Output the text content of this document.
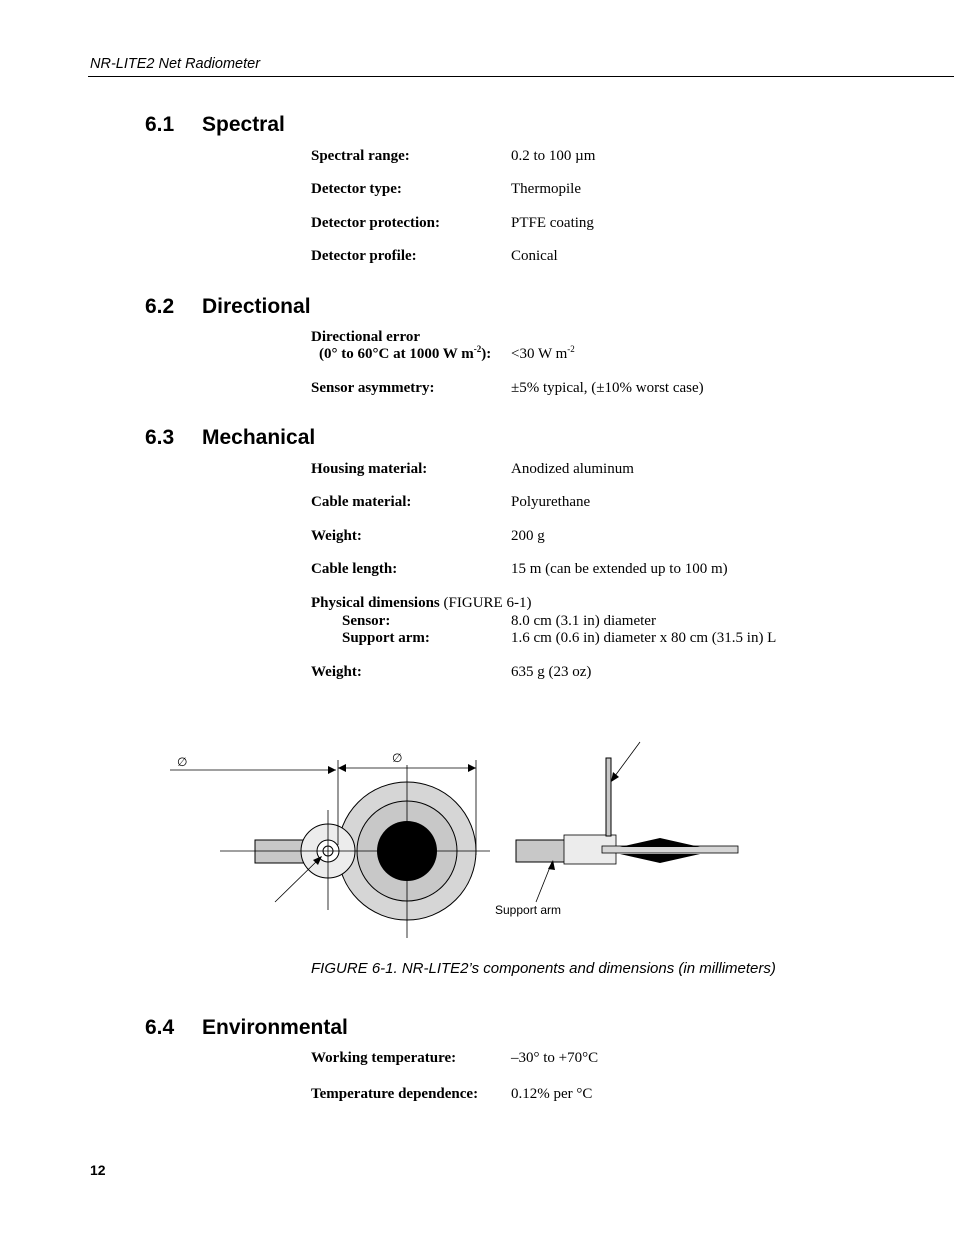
NR-LITE2 Net Radiometer
6.1 Spectral
Spectral range:	0.2 to 100 µm
Detector type:	Thermopile
Detector protection:	PTFE coating
Detector profile:	Conical
6.2 Directional
Directional error
(0° to 60°C at 1000 W $m^{-2}$): <30 W $m^{-2}$
Sensor asymmetry:	±5% typical, (±10% worst case)
6.3 Mechanical
Housing material:	Anodized aluminum
Cable material:	Polyurethane
Weight:	200 g
Cable length:	15 m (can be extended up to 100 m)
Physical dimensions (FIGURE 6-1)
Sensor:	8.0 cm (3.1 in) diameter
Support arm:	1.6 cm (0.6 in) diameter x 80 cm (31.5 in) L
Weight:	635 g (23 oz)
∅	∅
Support arm
FIGURE 6-1. NR-LITE2’s components and dimensions (in millimeters)
6.4 Environmental
Working temperature:	–30° to +70°C
Temperature dependence: 0.12% per °C
12
